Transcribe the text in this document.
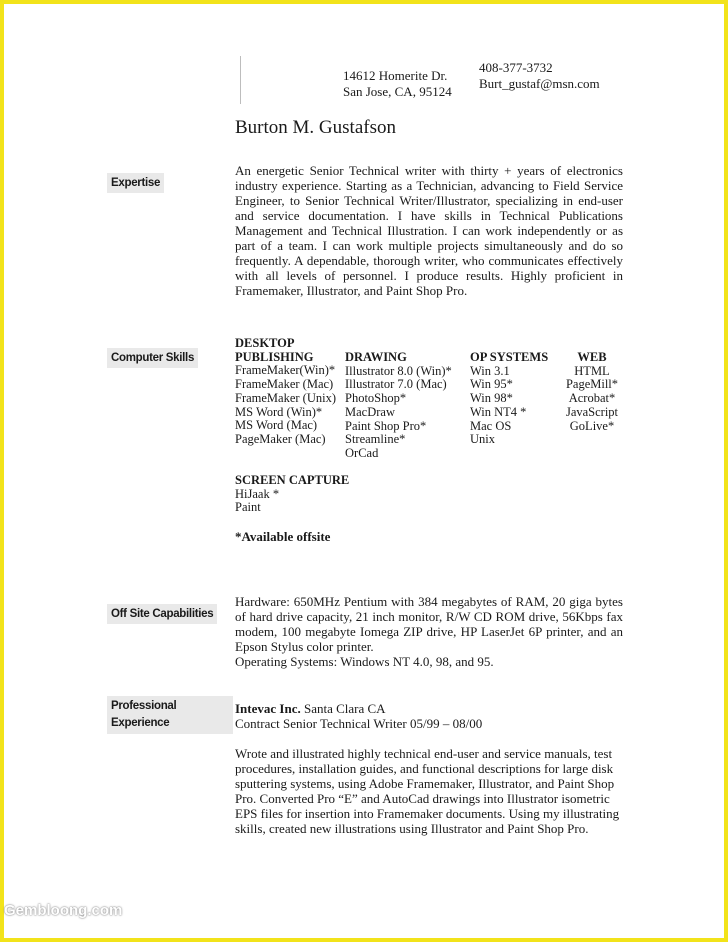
14612 Homerite Dr.
San Jose, CA, 95124
408-377-3732
Burt_gustaf@msn.com
Burton M. Gustafson
Expertise
An energetic Senior Technical writer with thirty + years of electronics industry experience. Starting as a Technician, advancing to Field Service Engineer, to Senior Technical Writer/Illustrator, specializing in end-user and service documentation. I have skills in Technical Publications Management and Technical Illustration. I can work independently or as part of a team. I can work multiple projects simultaneously and do so frequently. A dependable, thorough writer, who communicates effectively with all levels of personnel. I produce results. Highly proficient in Framemaker, Illustrator, and Paint Shop Pro.
Computer Skills
DESKTOP
PUBLISHING
FrameMaker(Win)*
FrameMaker (Mac)
FrameMaker (Unix)
MS Word (Win)*
MS Word (Mac)
PageMaker (Mac)
DRAWING
Illustrator 8.0 (Win)*
Illustrator 7.0 (Mac)
PhotoShop*
MacDraw
Paint Shop Pro*
Streamline*
OrCad
OP SYSTEMS
Win 3.1
Win 95*
Win 98*
Win NT4 *
Mac OS
Unix
WEB
HTML
PageMill*
Acrobat*
JavaScript
GoLive*
SCREEN CAPTURE
HiJaak *
Paint
*Available offsite
Off Site Capabilities
Hardware: 650MHz Pentium with 384 megabytes of RAM, 20 giga bytes of hard drive capacity, 21 inch monitor, R/W CD ROM drive, 56Kbps fax modem, 100 megabyte Iomega ZIP drive, HP LaserJet 6P printer, and an Epson Stylus color printer.
Operating Systems: Windows NT 4.0, 98, and 95.
Professional
Experience
Intevac Inc. Santa Clara CA
Contract Senior Technical Writer 05/99 – 08/00
Wrote and illustrated highly technical end-user and service manuals, test procedures, installation guides, and functional descriptions for large disk sputtering systems, using Adobe Framemaker, Illustrator, and Paint Shop Pro. Converted Pro “E” and AutoCad drawings into Illustrator isometric EPS files for insertion into Framemaker documents. Using my illustrating skills, created new illustrations using Illustrator and Paint Shop Pro.
Gembloong.com
